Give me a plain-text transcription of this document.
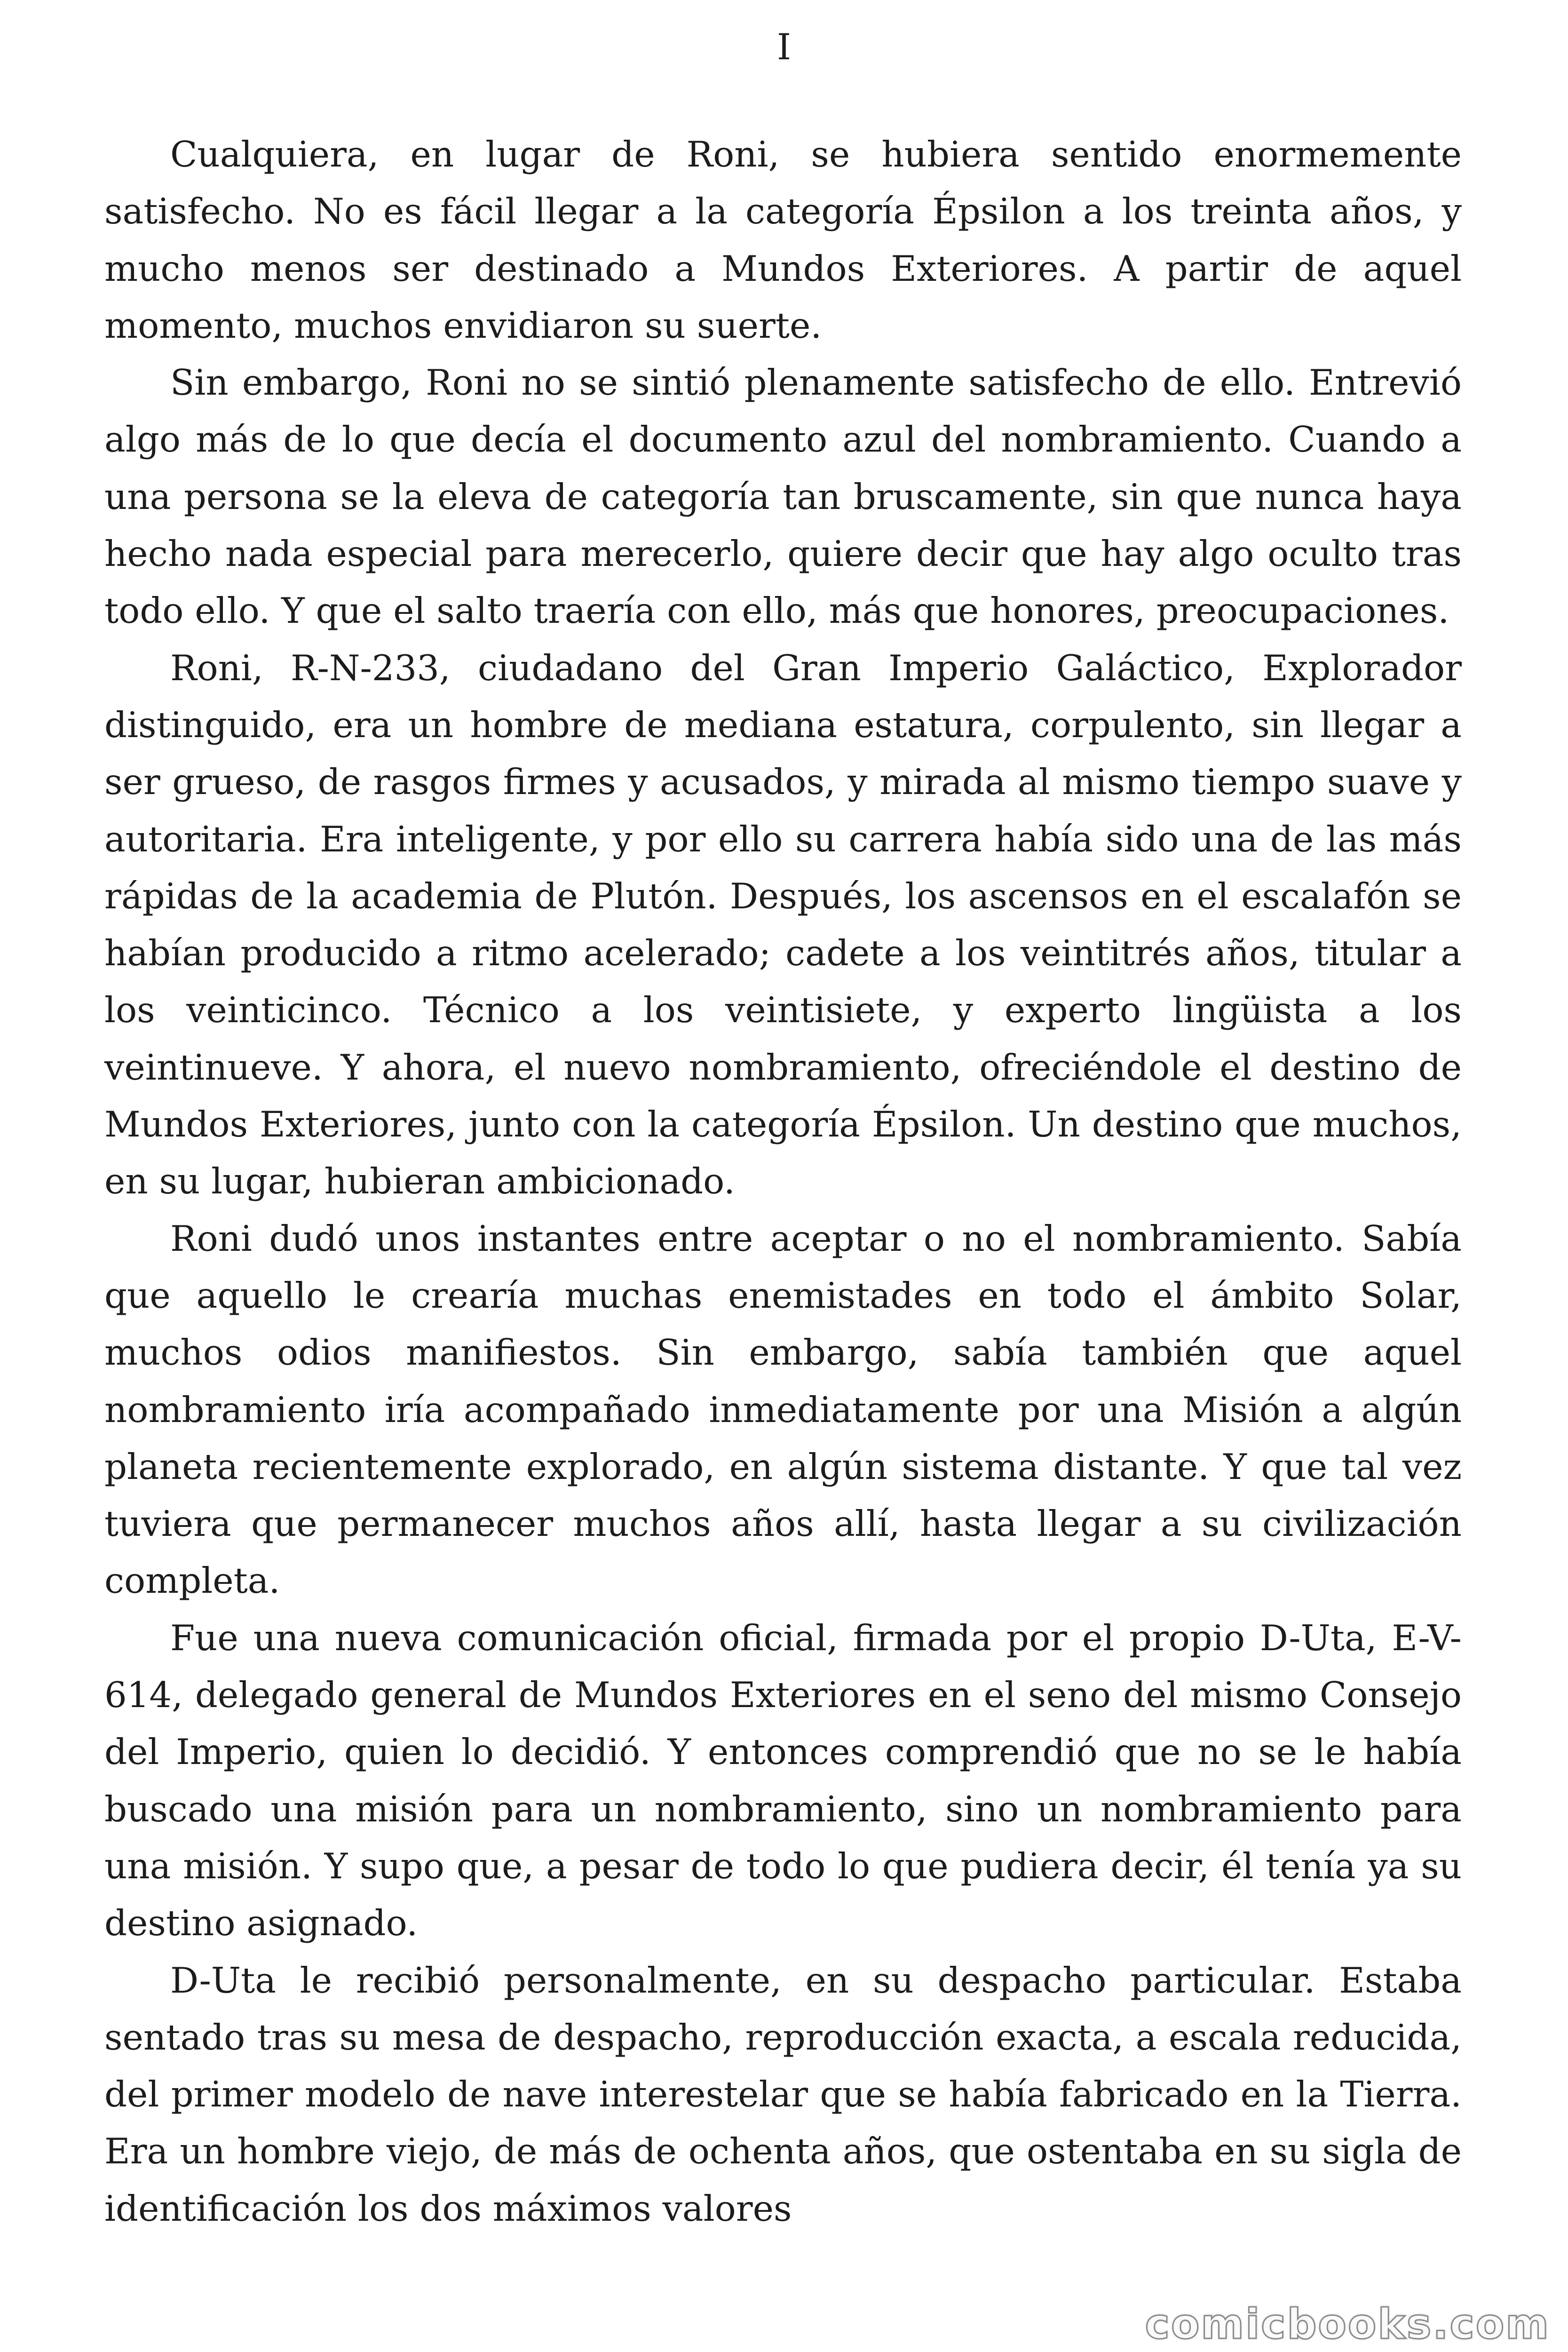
I

Cualquiera, en lugar de Roni, se hubiera sentido enormemente satisfecho. No es fácil llegar a la categoría Épsilon a los treinta años, y mucho menos ser destinado a Mundos Exteriores. A partir de aquel momento, muchos envidiaron su suerte.

Sin embargo, Roni no se sintió plenamente satisfecho de ello. Entrevió algo más de lo que decía el documento azul del nombramiento. Cuando a una persona se la eleva de categoría tan bruscamente, sin que nunca haya hecho nada especial para merecerlo, quiere decir que hay algo oculto tras todo ello. Y que el salto traería con ello, más que honores, preocupaciones.

Roni, R-N-233, ciudadano del Gran Imperio Galáctico, Explorador distinguido, era un hombre de mediana estatura, corpulento, sin llegar a ser grueso, de rasgos firmes y acusados, y mirada al mismo tiempo suave y autoritaria. Era inteligente, y por ello su carrera había sido una de las más rápidas de la academia de Plutón. Después, los ascensos en el escalafón se habían producido a ritmo acelerado; cadete a los veintitrés años, titular a los veinticinco. Técnico a los veintisiete, y experto lingüista a los veintinueve. Y ahora, el nuevo nombramiento, ofreciéndole el destino de Mundos Exteriores, junto con la categoría Épsilon. Un destino que muchos, en su lugar, hubieran ambicionado.

Roni dudó unos instantes entre aceptar o no el nombramiento. Sabía que aquello le crearía muchas enemistades en todo el ámbito Solar, muchos odios manifiestos. Sin embargo, sabía también que aquel nombramiento iría acompañado inmediatamente por una Misión a algún planeta recientemente explorado, en algún sistema distante. Y que tal vez tuviera que permanecer muchos años allí, hasta llegar a su civilización completa.

Fue una nueva comunicación oficial, firmada por el propio D-Uta, E-V-614, delegado general de Mundos Exteriores en el seno del mismo Consejo del Imperio, quien lo decidió. Y entonces comprendió que no se le había buscado una misión para un nombramiento, sino un nombramiento para una misión. Y supo que, a pesar de todo lo que pudiera decir, él tenía ya su destino asignado.

D-Uta le recibió personalmente, en su despacho particular. Estaba sentado tras su mesa de despacho, reproducción exacta, a escala reducida, del primer modelo de nave interestelar que se había fabricado en la Tierra. Era un hombre viejo, de más de ochenta años, que ostentaba en su sigla de identificación los dos máximos valores

comicbooks.com
